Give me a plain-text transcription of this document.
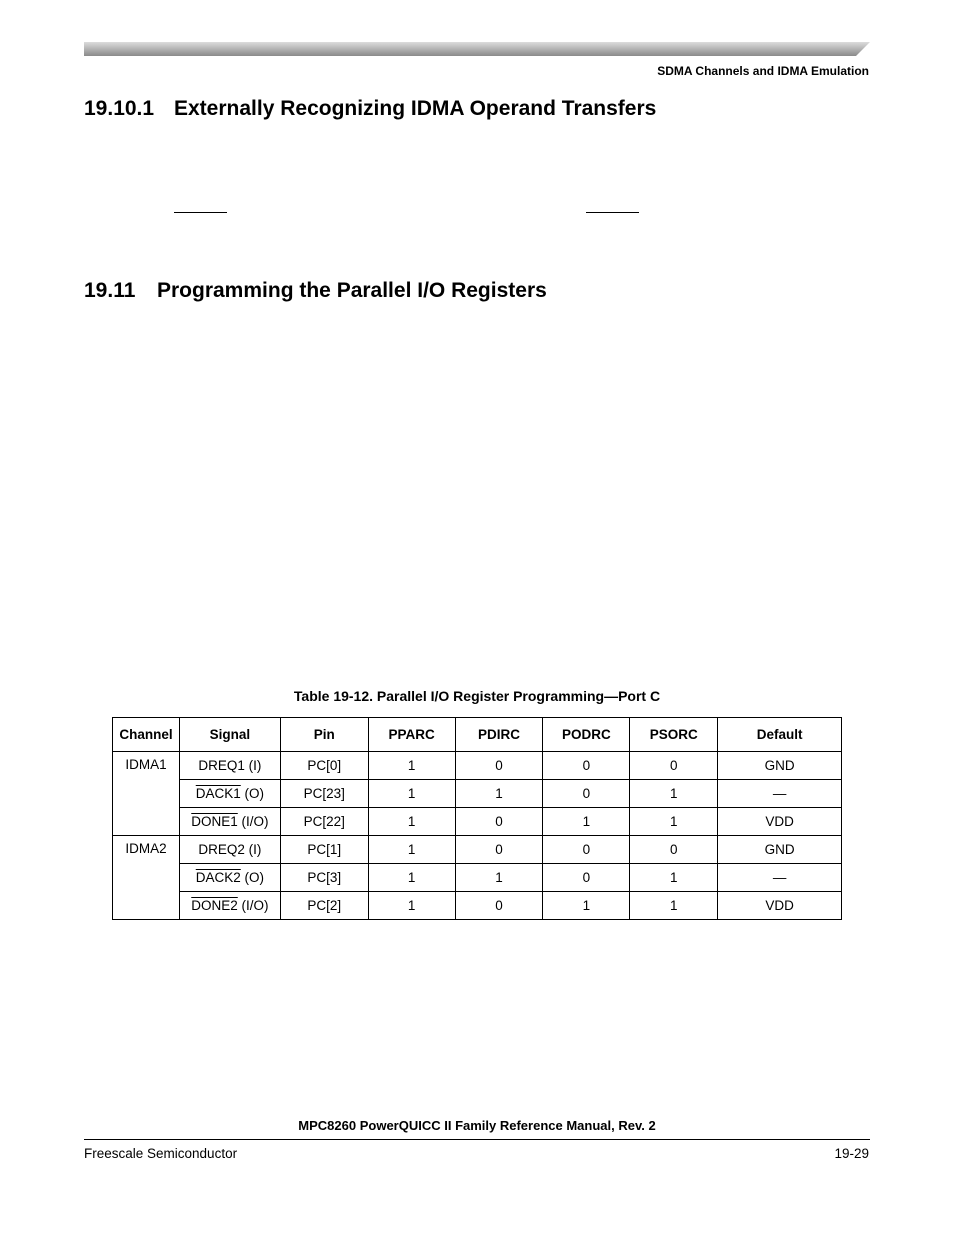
SDMA Channels and IDMA Emulation
19.10.1 Externally Recognizing IDMA Operand Transfers
19.11 Programming the Parallel I/O Registers
Table 19-12. Parallel I/O Register Programming—Port C
Channel	Signal	Pin	PPARC	PDIRC	PODRC	PSORC	Default
IDMA1	DREQ1 (I)	PC[0]	1	0	0	0	GND
	DACK1 (O)	PC[23]	1	1	0	1	—
	DONE1 (I/O)	PC[22]	1	0	1	1	VDD
IDMA2	DREQ2 (I)	PC[1]	1	0	0	0	GND
	DACK2 (O)	PC[3]	1	1	0	1	—
	DONE2 (I/O)	PC[2]	1	0	1	1	VDD
MPC8260 PowerQUICC II Family Reference Manual, Rev. 2
Freescale Semiconductor	19-29
